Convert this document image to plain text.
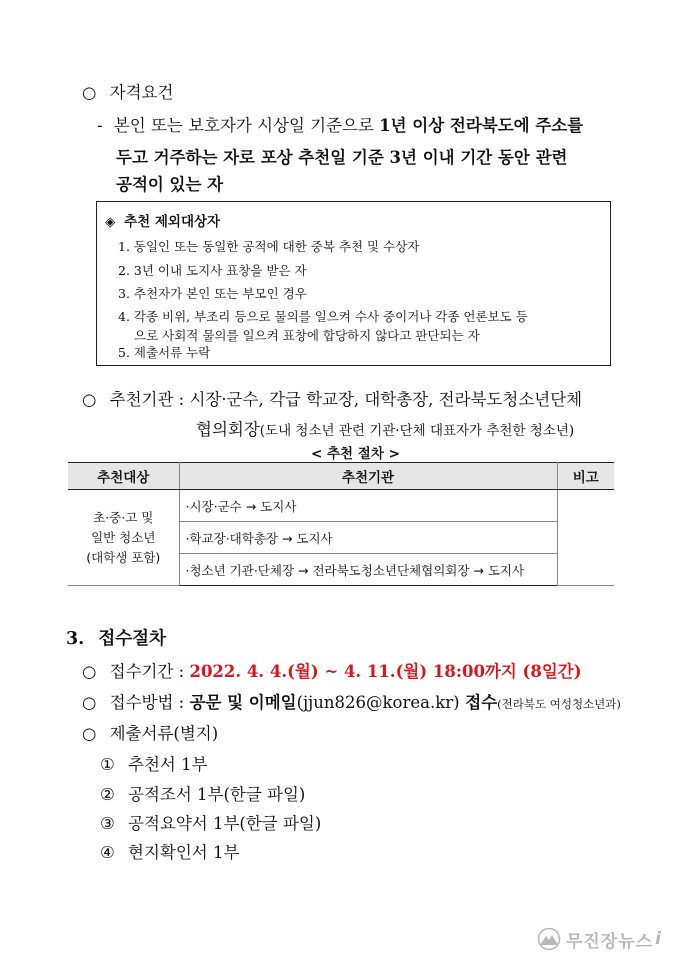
○ 자격요건
- 본인 또는 보호자가 시상일 기준으로 1년 이상 전라북도에 주소를
두고 거주하는 자로 포상 추천일 기준 3년 이내 기간 동안 관련
공적이 있는 자
◈ 추천 제외대상자
1. 동일인 또는 동일한 공적에 대한 중복 추천 및 수상자
2. 3년 이내 도지사 표창을 받은 자
3. 추천자가 본인 또는 부모인 경우
4. 각종 비위, 부조리 등으로 물의를 일으켜 수사 중이거나 각종 언론보도 등
으로 사회적 물의를 일으켜 표창에 합당하지 않다고 판단되는 자
5. 제출서류 누락
○ 추천기관 : 시장·군수, 각급 학교장, 대학총장, 전라북도청소년단체
협의회장(도내 청소년 관련 기관·단체 대표자가 추천한 청소년)
< 추천 절차 >
추천대상	추천기관	비고

초·중·고 및
일반 청소년
(대학생 포함)	·시장·군수 → 도지사	
	·학교장·대학총장 → 도지사	
	·청소년 기관·단체장 → 전라북도청소년단체협의회장 → 도지사	
3. 접수절차
○ 접수기간 : 2022. 4. 4.(월) ~ 4. 11.(월) 18:00까지 (8일간)
○ 접수방법 : 공문 및 이메일(jjun826@korea.kr) 접수(전라북도 여성청소년과)
○ 제출서류(별지)
① 추천서 1부
② 공적조서 1부(한글 파일)
③ 공적요약서 1부(한글 파일)
④ 현지확인서 1부
무진장뉴스 i
